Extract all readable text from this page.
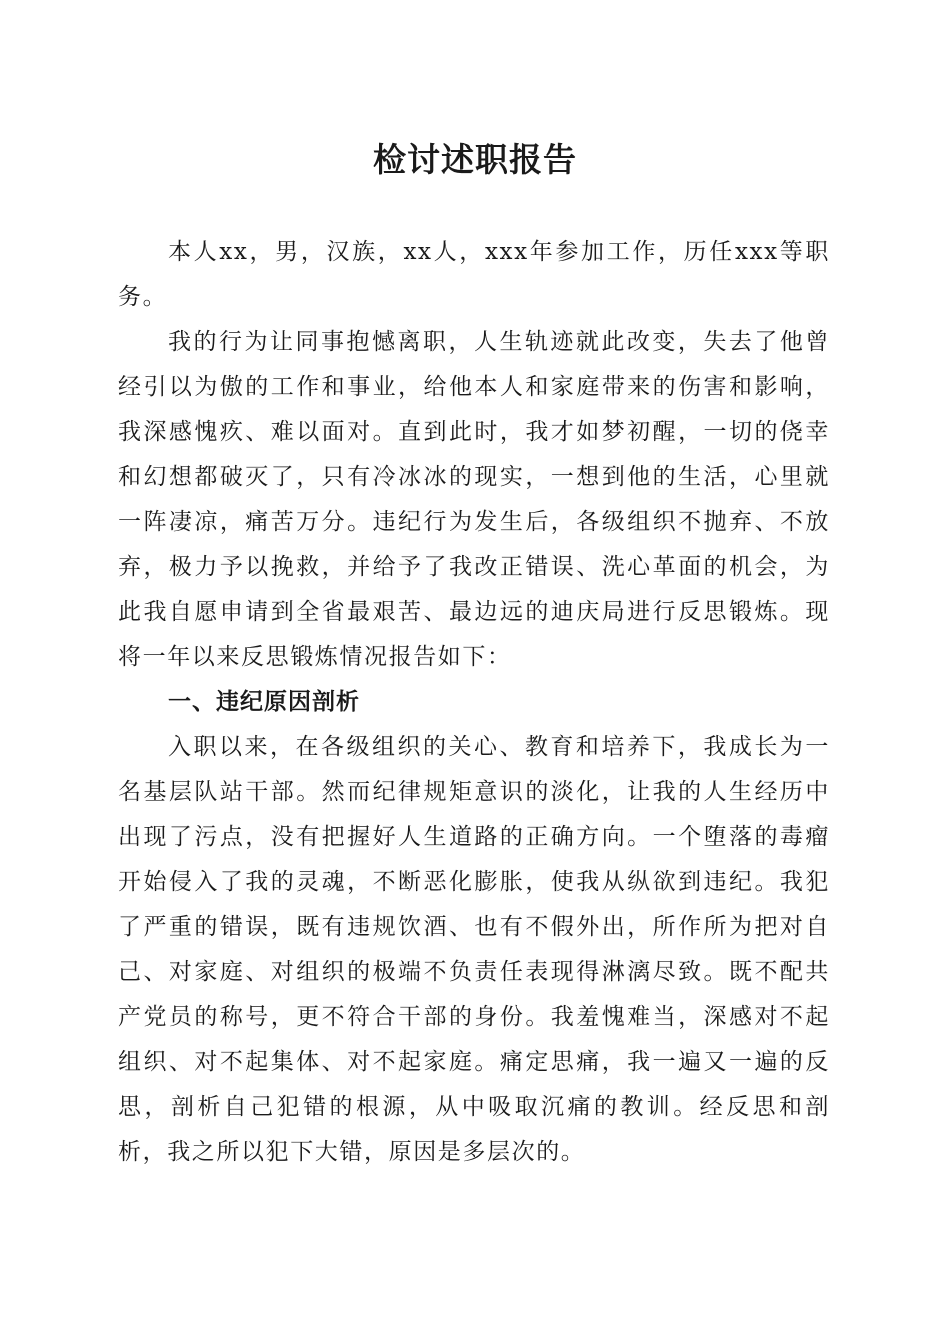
检讨述职报告

本人xx，男，汉族，xx人，xxx年参加工作，历任xxx等职务。

我的行为让同事抱憾离职，人生轨迹就此改变，失去了他曾经引以为傲的工作和事业，给他本人和家庭带来的伤害和影响，我深感愧疚、难以面对。直到此时，我才如梦初醒，一切的侥幸和幻想都破灭了，只有冷冰冰的现实，一想到他的生活，心里就一阵凄凉，痛苦万分。违纪行为发生后，各级组织不抛弃、不放弃，极力予以挽救，并给予了我改正错误、洗心革面的机会，为此我自愿申请到全省最艰苦、最边远的迪庆局进行反思锻炼。现将一年以来反思锻炼情况报告如下：

一、违纪原因剖析

入职以来，在各级组织的关心、教育和培养下，我成长为一名基层队站干部。然而纪律规矩意识的淡化，让我的人生经历中出现了污点，没有把握好人生道路的正确方向。一个堕落的毒瘤开始侵入了我的灵魂，不断恶化膨胀，使我从纵欲到违纪。我犯了严重的错误，既有违规饮酒、也有不假外出，所作所为把对自己、对家庭、对组织的极端不负责任表现得淋漓尽致。既不配共产党员的称号，更不符合干部的身份。我羞愧难当，深感对不起组织、对不起集体、对不起家庭。痛定思痛，我一遍又一遍的反思，剖析自己犯错的根源，从中吸取沉痛的教训。经反思和剖析，我之所以犯下大错，原因是多层次的。
